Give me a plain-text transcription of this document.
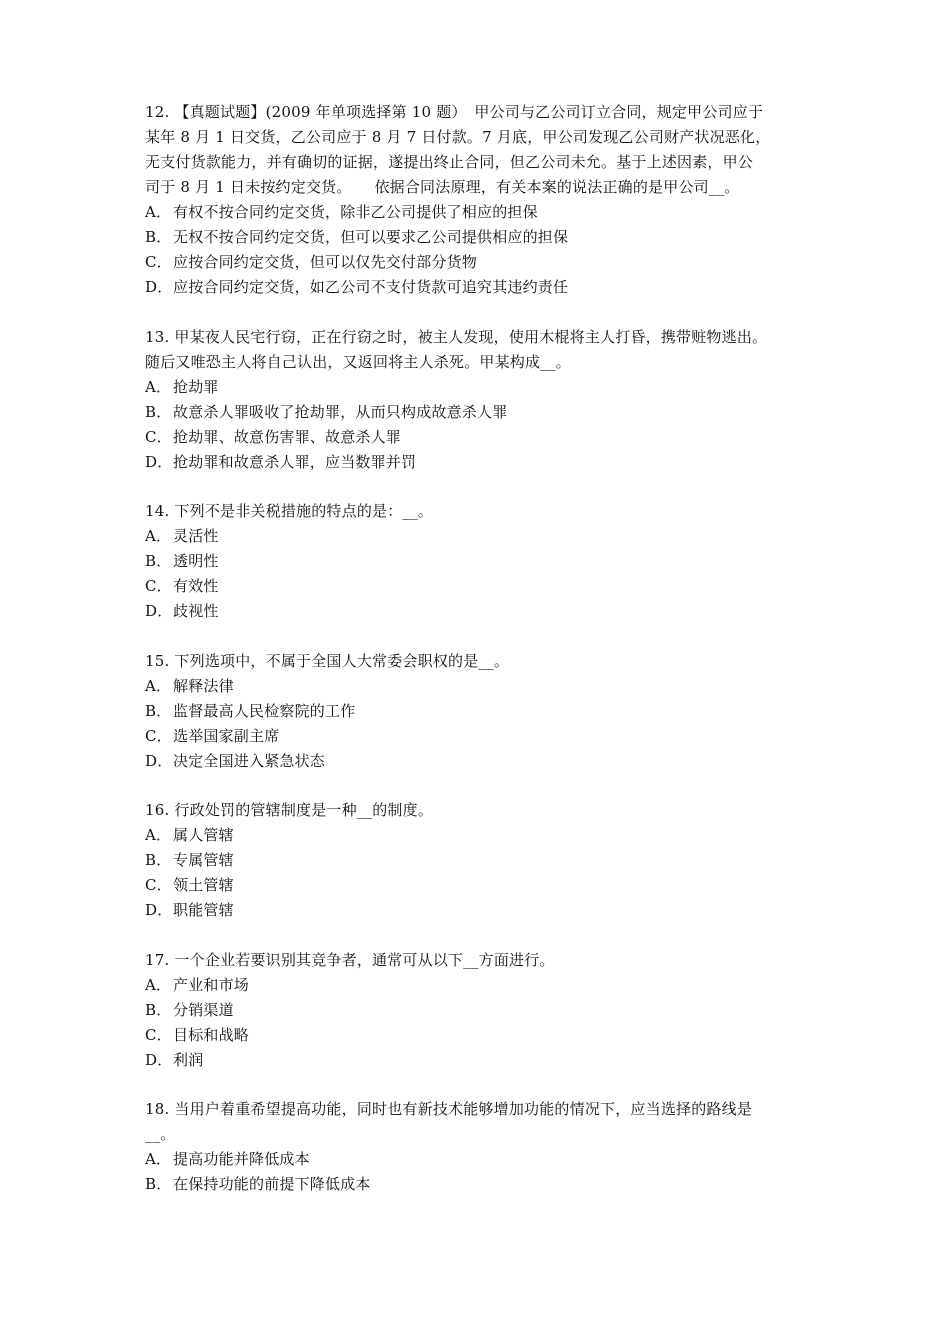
12. 【真题试题】(2009 年单项选择第 10 题）　甲公司与乙公司订立合同，规定甲公司应于
某年 8 月 1 日交货，乙公司应于 8 月 7 日付款。7 月底，甲公司发现乙公司财产状况恶化，
无支付货款能力，并有确切的证据，遂提出终止合同，但乙公司未允。基于上述因素，甲公
司于 8 月 1 日未按约定交货。　　依据合同法原理，有关本案的说法正确的是甲公司__。
A． 有权不按合同约定交货，除非乙公司提供了相应的担保
B． 无权不按合同约定交货，但可以要求乙公司提供相应的担保
C．应按合同约定交货，但可以仅先交付部分货物
D．应按合同约定交货，如乙公司不支付货款可追究其违约责任
13. 甲某夜人民宅行窃，正在行窃之时，被主人发现，使用木棍将主人打昏，携带赃物逃出。
随后又唯恐主人将自己认出，又返回将主人杀死。甲某构成__。
A． 抢劫罪
B． 故意杀人罪吸收了抢劫罪，从而只构成故意杀人罪
C．抢劫罪、故意伤害罪、故意杀人罪
D．抢劫罪和故意杀人罪，应当数罪并罚
14. 下列不是非关税措施的特点的是：__。
A． 灵活性
B． 透明性
C．有效性
D．歧视性
15. 下列选项中，不属于全国人大常委会职权的是__。
A． 解释法律
B． 监督最高人民检察院的工作
C．选举国家副主席
D．决定全国进入紧急状态
16. 行政处罚的管辖制度是一种__的制度。
A． 属人管辖
B． 专属管辖
C．领土管辖
D．职能管辖
17. 一个企业若要识别其竞争者，通常可从以下__方面进行。
A． 产业和市场
B． 分销渠道
C．目标和战略
D．利润
18. 当用户着重希望提高功能，同时也有新技术能够增加功能的情况下，应当选择的路线是
__。
A． 提高功能并降低成本
B． 在保持功能的前提下降低成本
